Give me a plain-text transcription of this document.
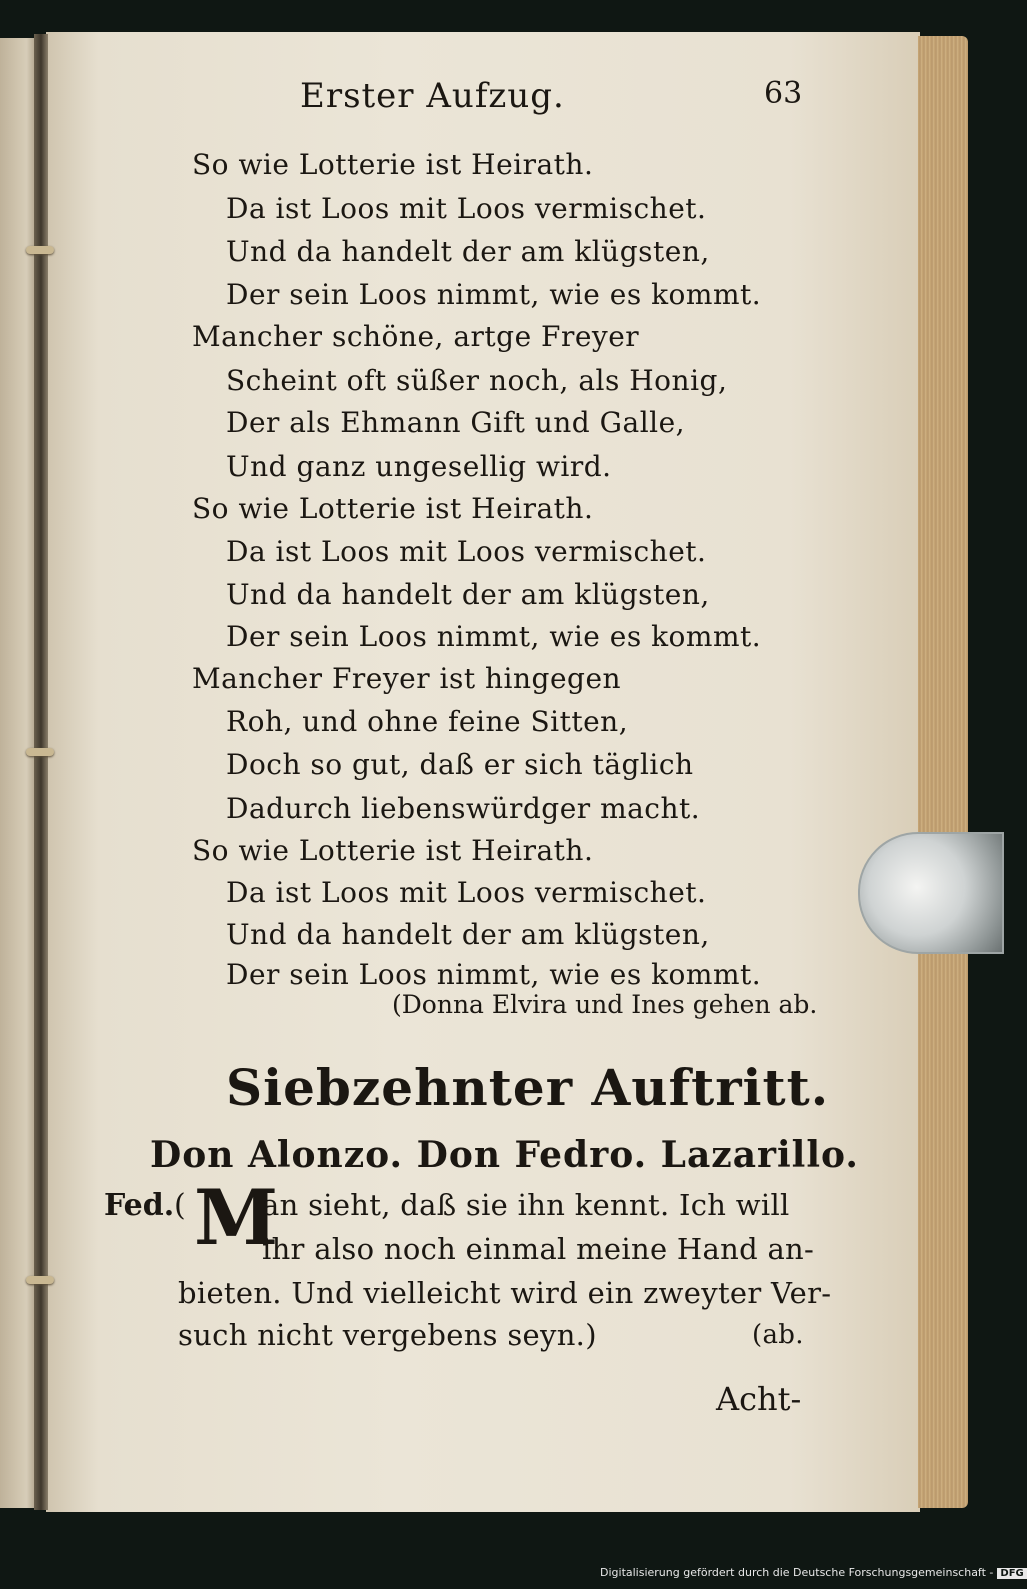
Erster Aufzug.	63
So wie Lotterie ist Heirath.
Da ist Loos mit Loos vermischet.
Und da handelt der am klügsten,
Der sein Loos nimmt, wie es kommt.
Mancher schöne, artge Freyer
Scheint oft süßer noch, als Honig,
Der als Ehmann Gift und Galle,
Und ganz ungesellig wird.
So wie Lotterie ist Heirath.
Da ist Loos mit Loos vermischet.
Und da handelt der am klügsten,
Der sein Loos nimmt, wie es kommt.
Mancher Freyer ist hingegen
Roh, und ohne feine Sitten,
Doch so gut, daß er sich täglich
Dadurch liebenswürdger macht.
So wie Lotterie ist Heirath.
Da ist Loos mit Loos vermischet.
Und da handelt der am klügsten,
Der sein Loos nimmt, wie es kommt.
(Donna Elvira und Ines gehen ab.
Siebzehnter Auftritt.
Don Alonzo. Don Fedro. Lazarillo.
Fed. ( M
an sieht, daß sie ihn kennt. Ich will
ihr also noch einmal meine Hand an-
bieten. Und vielleicht wird ein zweyter Ver-
such nicht vergebens seyn.)	(ab.
Acht-
Digitalisierung gefördert durch die Deutsche Forschungsgemeinschaft - DFG
